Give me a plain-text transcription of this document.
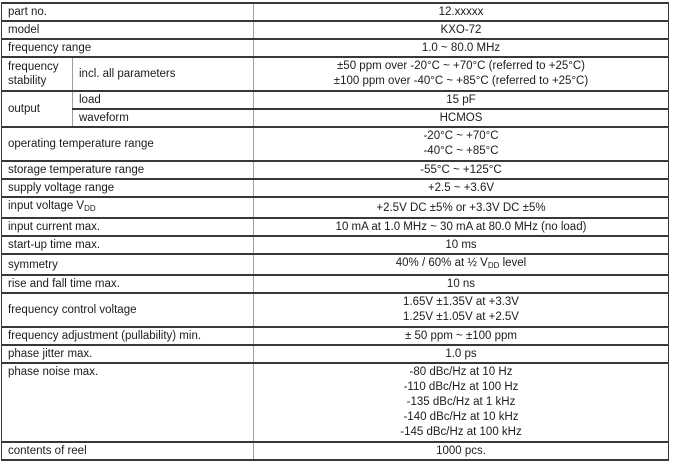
part no.		12.xxxxx
model		KXO-72
frequency range		1.0 ~ 80.0 MHz
frequency stability	incl. all parameters	±50 ppm over -20°C ~ +70°C (referred to +25°C)
±100 ppm over -40°C ~ +85°C (referred to +25°C)

output	load	15 pF
	waveform	HCMOS
operating temperature range		-20°C ~ +70°C
-40°C ~ +85°C

storage temperature range		-55°C ~ +125°C
supply voltage range		+2.5 ~ +3.6V
input voltage $V_{DD}$		+2.5V DC ±5% or +3.3V DC ±5%
input current max.		10 mA at 1.0 MHz ~ 30 mA at 80.0 MHz (no load)
start-up time max.		10 ms
symmetry		40% / 60% at ½ $V_{DD}$ level
rise and fall time max.		10 ns
frequency control voltage		1.65V ±1.35V at +3.3V
1.25V ±1.05V at +2.5V

frequency adjustment (pullability) min.		± 50 ppm ~ ±100 ppm
phase jitter max.		1.0 ps
phase noise max.		-80 dBc/Hz at 10 Hz
-110 dBc/Hz at 100 Hz
-135 dBc/Hz at 1 kHz
-140 dBc/Hz at 10 kHz
-145 dBc/Hz at 100 kHz

contents of reel		1000 pcs.
